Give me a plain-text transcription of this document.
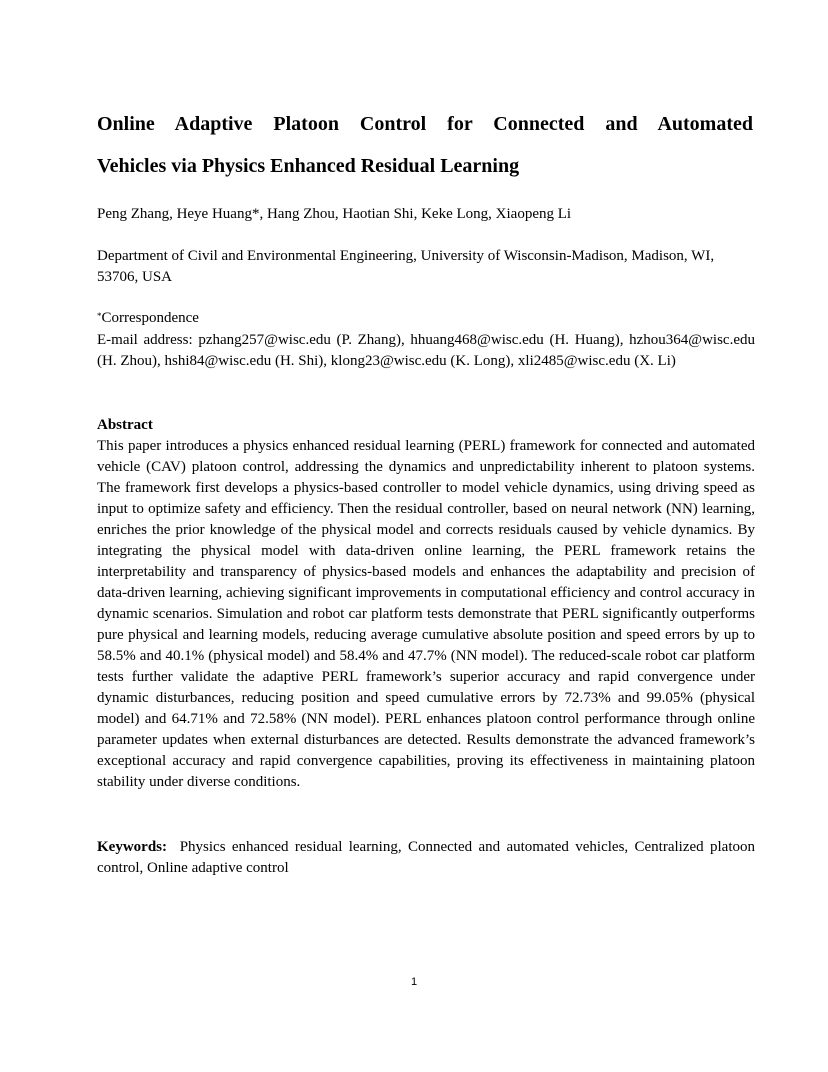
Online Adaptive Platoon Control for Connected and Automated
Vehicles via Physics Enhanced Residual Learning
Peng Zhang, Heye Huang*, Hang Zhou, Haotian Shi, Keke Long, Xiaopeng Li
Department of Civil and Environmental Engineering, University of Wisconsin-Madison, Madison, WI, 53706, USA
*Correspondence
E-mail address: pzhang257@wisc.edu (P. Zhang), hhuang468@wisc.edu (H. Huang), hzhou364@wisc.edu (H. Zhou), hshi84@wisc.edu (H. Shi), klong23@wisc.edu (K. Long), xli2485@wisc.edu (X. Li)
Abstract

This paper introduces a physics enhanced residual learning (PERL) framework for connected and automated vehicle (CAV) platoon control, addressing the dynamics and unpredictability inherent to platoon systems. The framework first develops a physics-based controller to model vehicle dynamics, using driving speed as input to optimize safety and efficiency. Then the residual controller, based on neural network (NN) learning, enriches the prior knowledge of the physical model and corrects residuals caused by vehicle dynamics. By integrating the physical model with data-driven online learning, the PERL framework retains the interpretability and transparency of physics-based models and enhances the adaptability and precision of data-driven learning, achieving significant improvements in computational efficiency and control accuracy in dynamic scenarios. Simulation and robot car platform tests demonstrate that PERL significantly outperforms pure physical and learning models, reducing average cumulative absolute position and speed errors by up to 58.5% and 40.1% (physical model) and 58.4% and 47.7% (NN model). The reduced-scale robot car platform tests further validate the adaptive PERL framework’s superior accuracy and rapid convergence under dynamic disturbances, reducing position and speed cumulative errors by 72.73% and 99.05% (physical model) and 64.71% and 72.58% (NN model). PERL enhances platoon control performance through online parameter updates when external disturbances are detected. Results demonstrate the advanced framework’s exceptional accuracy and rapid convergence capabilities, proving its effectiveness in maintaining platoon stability under diverse conditions.

Keywords: Physics enhanced residual learning, Connected and automated vehicles, Centralized platoon control, Online adaptive control
1
